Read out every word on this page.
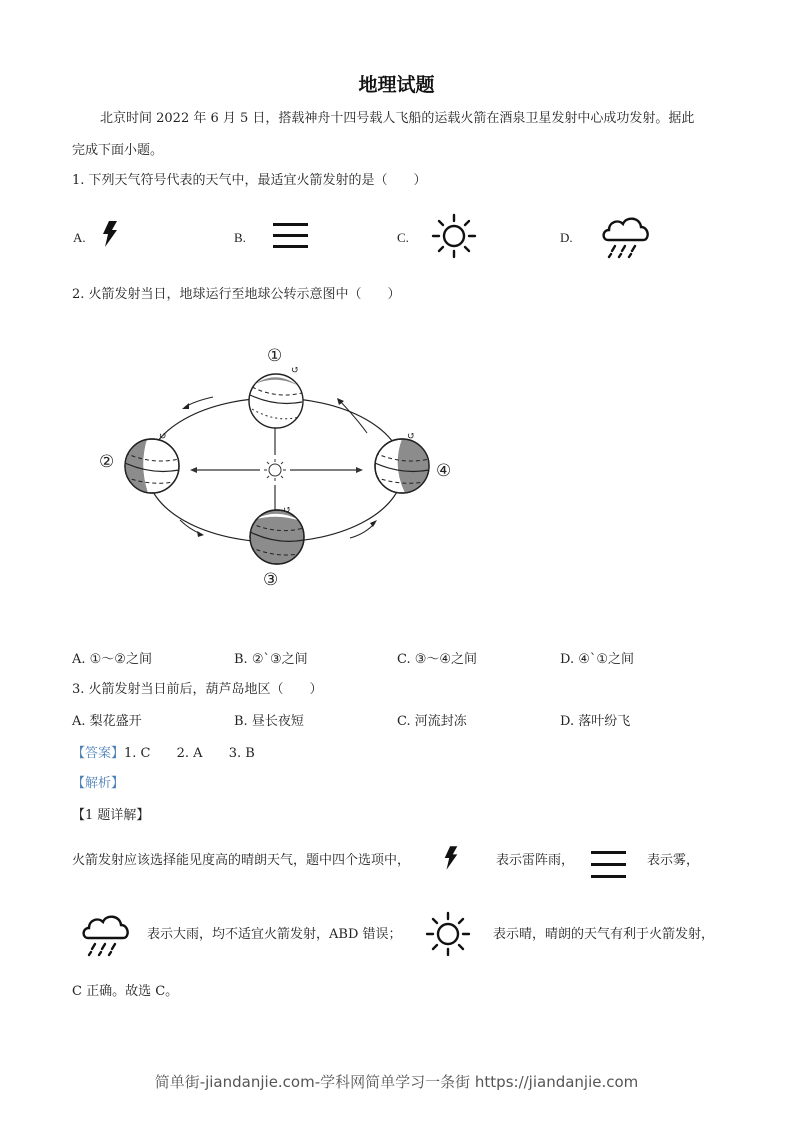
地理试题
北京时间 2022 年 6 月 5 日，搭载神舟十四号载人飞船的运载火箭在酒泉卫星发射中心成功发射。据此
完成下面小题。
1. 下列天气符号代表的天气中，最适宜火箭发射的是（　　）
A.	B.	C.	D.
2. 火箭发射当日，地球运行至地球公转示意图中（　　）
↺
①
↺
②
↺
④
↺
③
A. ①～②之间	B. ②`③之间	C. ③～④之间	D. ④`①之间
3. 火箭发射当日前后，葫芦岛地区（　　）
A. 梨花盛开	B. 昼长夜短	C. 河流封冻	D. 落叶纷飞
【答案】1. C 2. A 3. B
【解析】
【1 题详解】
火箭发射应该选择能见度高的晴朗天气，题中四个选项中，	表示雷阵雨，	表示雾，
表示大雨，均不适宜火箭发射，ABD 错误；	表示晴，晴朗的天气有利于火箭发射，
C 正确。故选 C。
简单街-jiandanjie.com-学科网简单学习一条街 https://jiandanjie.com
